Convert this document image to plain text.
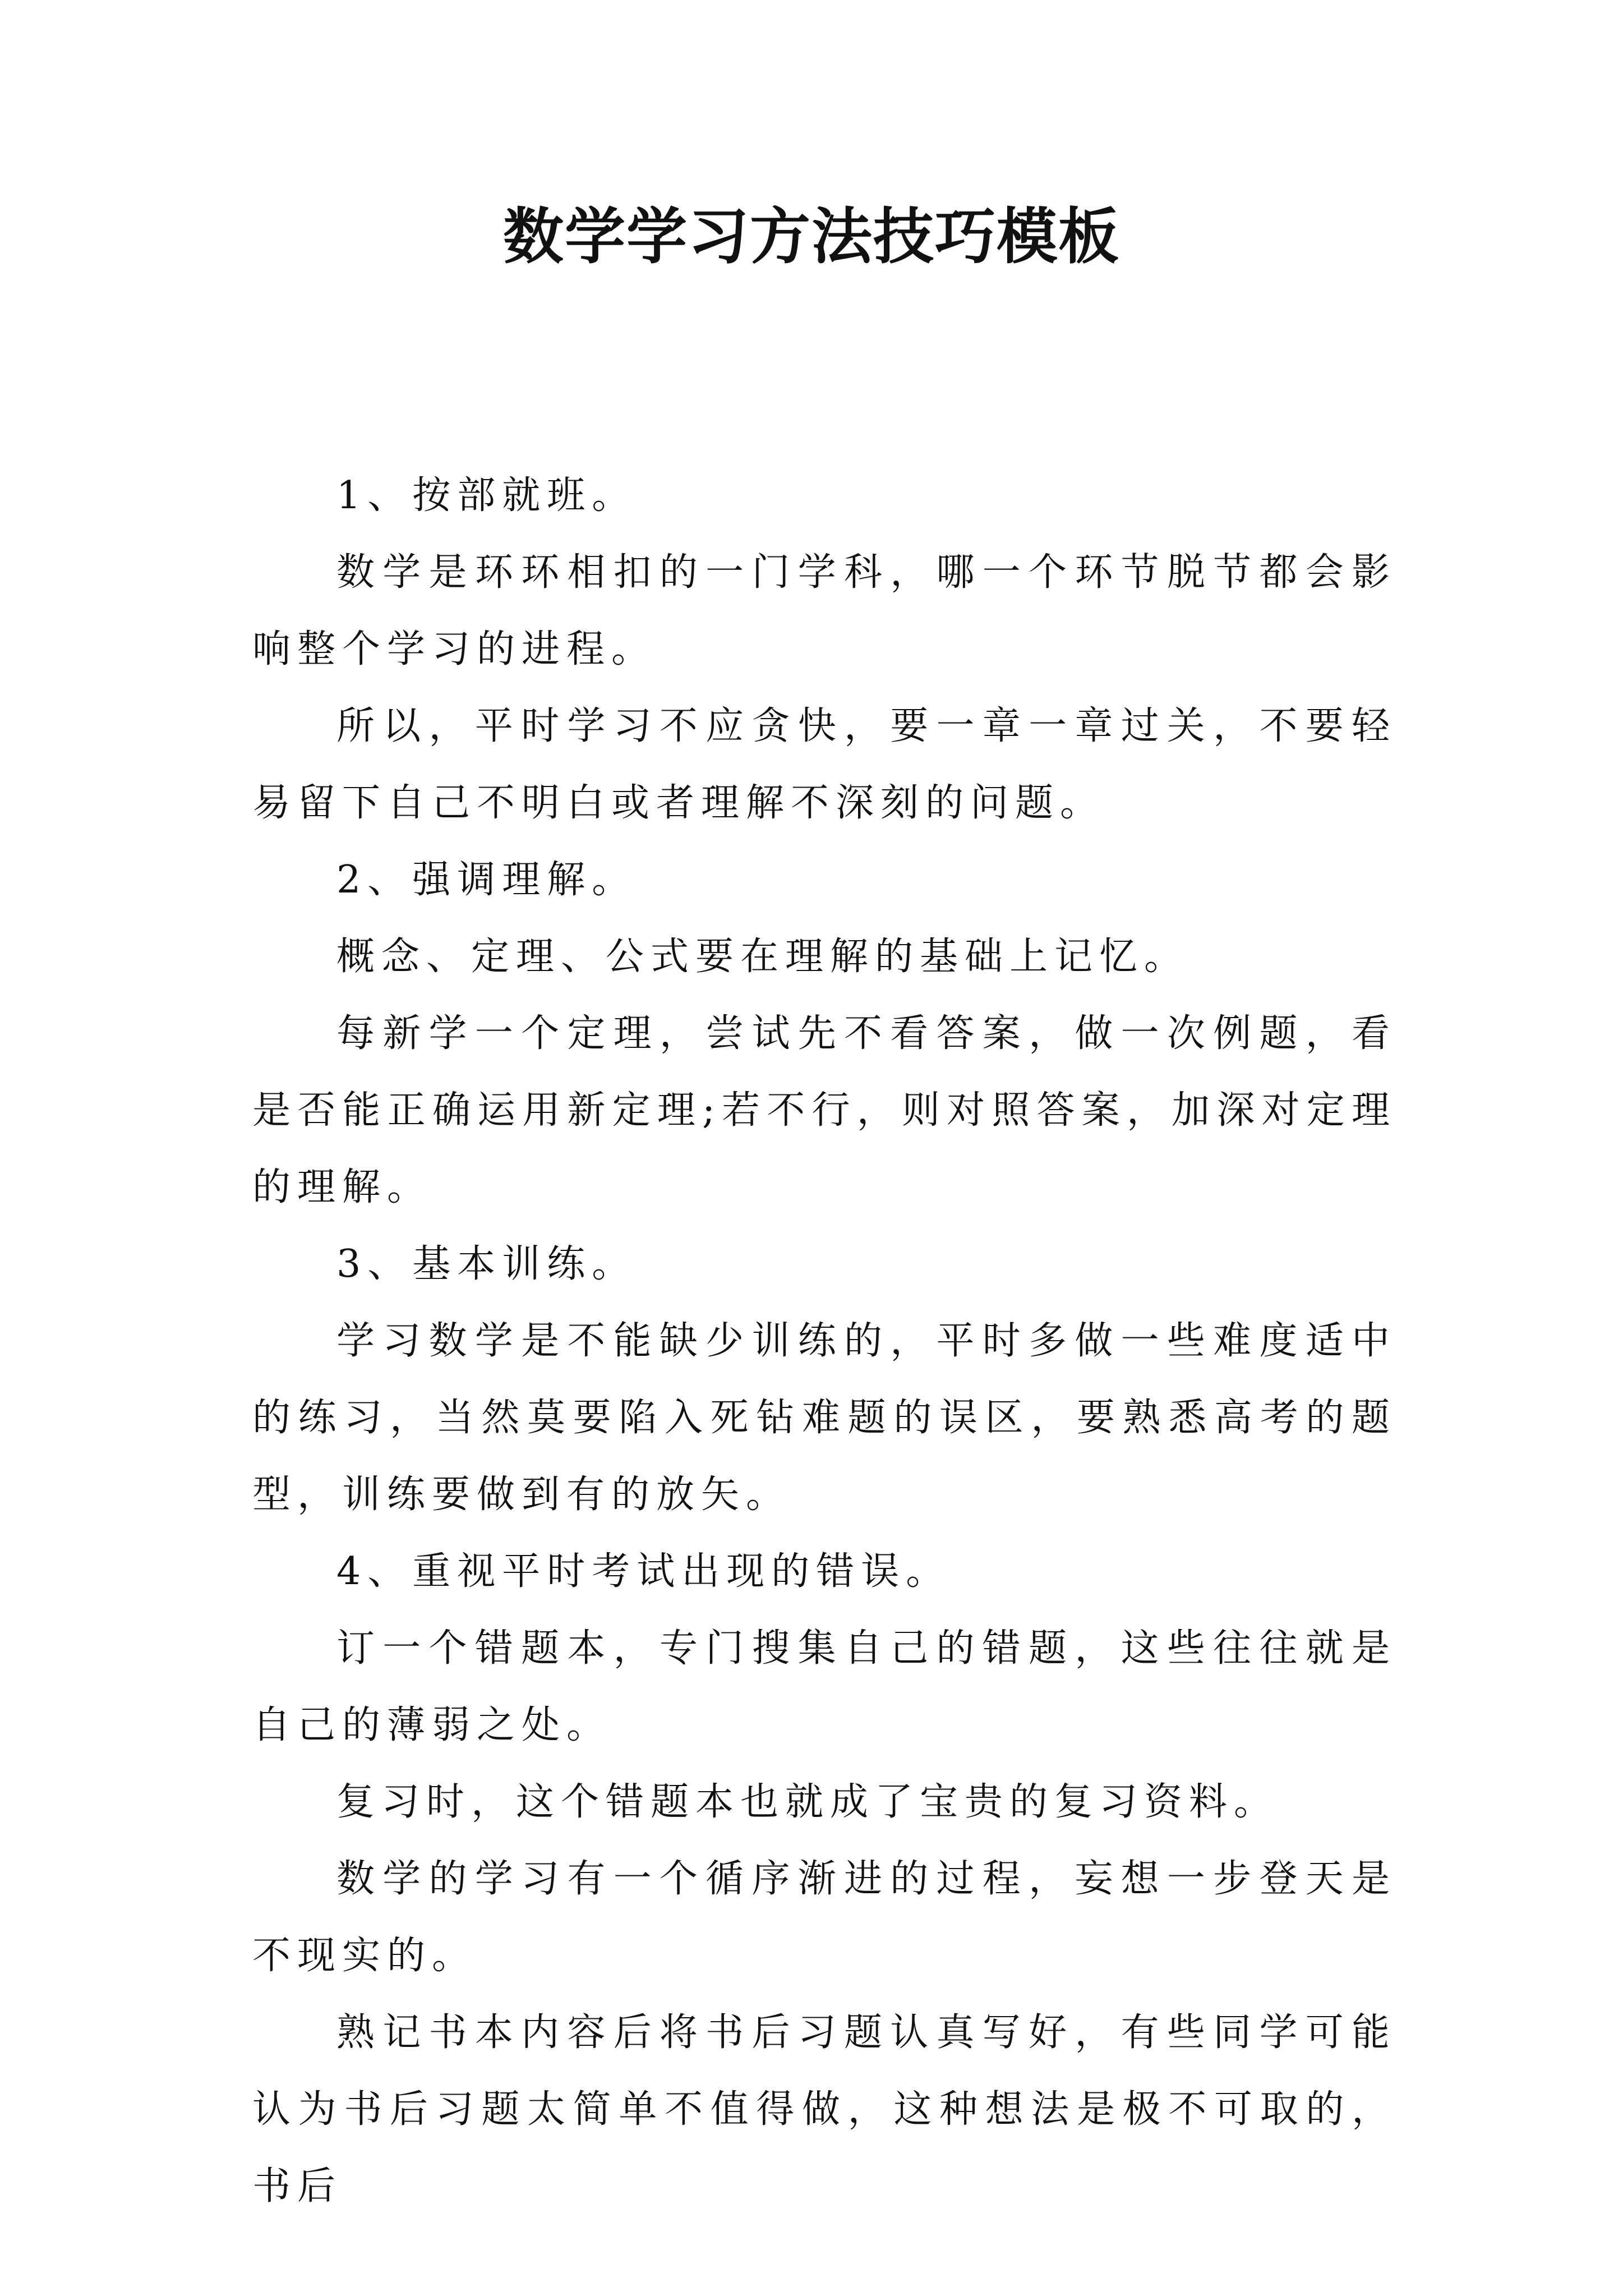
数学学习方法技巧模板

1、按部就班。

数学是环环相扣的一门学科，哪一个环节脱节都会影响整个学习的进程。

所以，平时学习不应贪快，要一章一章过关，不要轻易留下自己不明白或者理解不深刻的问题。

2、强调理解。

概念、定理、公式要在理解的基础上记忆。

每新学一个定理，尝试先不看答案，做一次例题，看是否能正确运用新定理;若不行，则对照答案，加深对定理的理解。

3、基本训练。

学习数学是不能缺少训练的，平时多做一些难度适中的练习，当然莫要陷入死钻难题的误区，要熟悉高考的题型，训练要做到有的放矢。

4、重视平时考试出现的错误。

订一个错题本，专门搜集自己的错题，这些往往就是自己的薄弱之处。

复习时，这个错题本也就成了宝贵的复习资料。

数学的学习有一个循序渐进的过程，妄想一步登天是不现实的。

熟记书本内容后将书后习题认真写好，有些同学可能认为书后习题太简单不值得做，这种想法是极不可取的，书后
